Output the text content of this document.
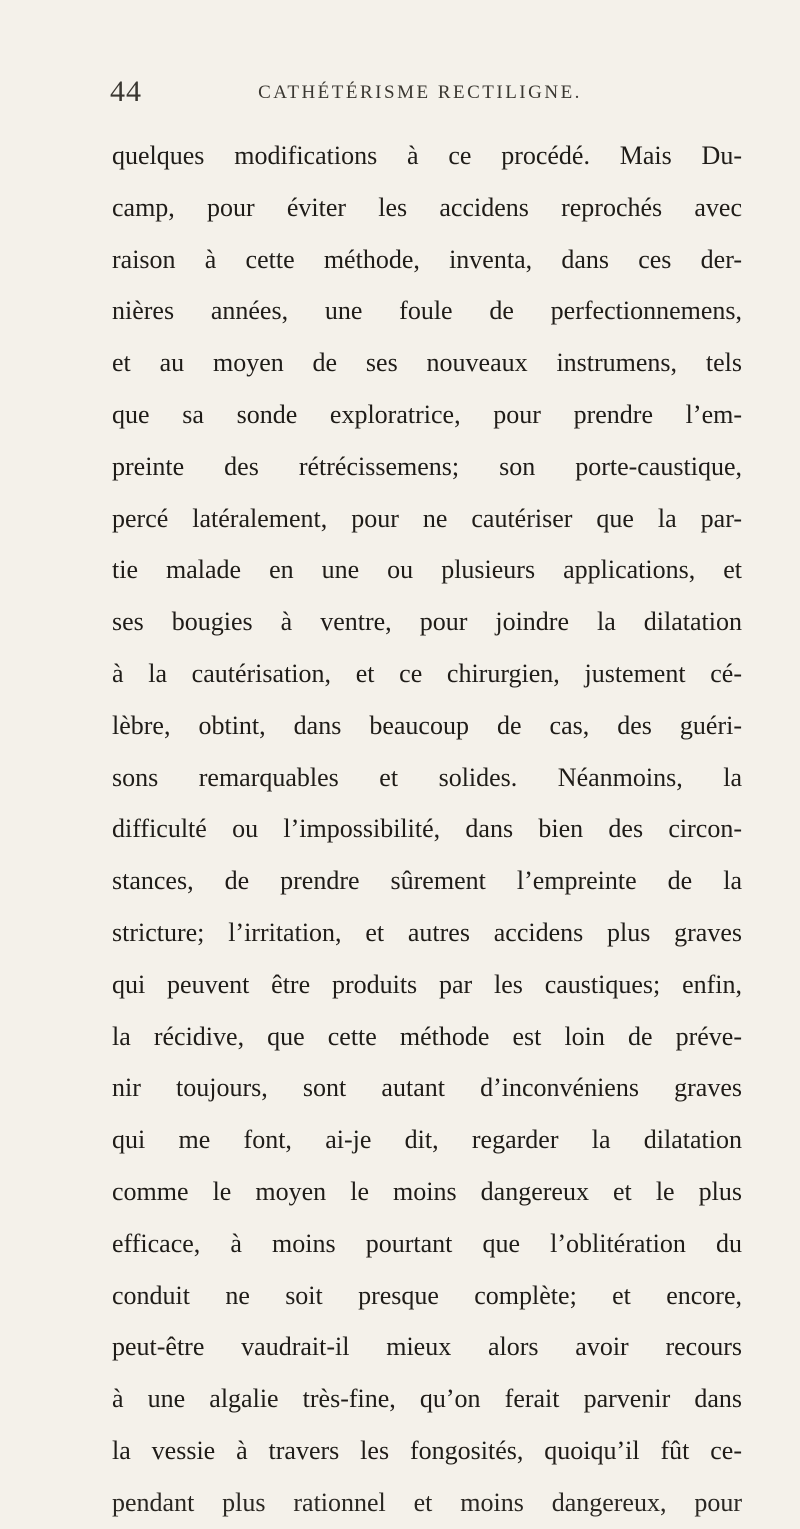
44	CATHÉTÉRISME RECTILIGNE.
quelques modifications à ce procédé. Mais Du-
camp, pour éviter les accidens reprochés avec
raison à cette méthode, inventa, dans ces der-
nières années, une foule de perfectionnemens,
et au moyen de ses nouveaux instrumens, tels
que sa sonde exploratrice, pour prendre l’em-
preinte des rétrécissemens; son porte-caustique,
percé latéralement, pour ne cautériser que la par-
tie malade en une ou plusieurs applications, et
ses bougies à ventre, pour joindre la dilatation
à la cautérisation, et ce chirurgien, justement cé-
lèbre, obtint, dans beaucoup de cas, des guéri-
sons remarquables et solides. Néanmoins, la
difficulté ou l’impossibilité, dans bien des circon-
stances, de prendre sûrement l’empreinte de la
stricture; l’irritation, et autres accidens plus graves
qui peuvent être produits par les caustiques; enfin,
la récidive, que cette méthode est loin de préve-
nir toujours, sont autant d’inconvéniens graves
qui me font, ai-je dit, regarder la dilatation
comme le moyen le moins dangereux et le plus
efficace, à moins pourtant que l’oblitération du
conduit ne soit presque complète; et encore,
peut-être vaudrait-il mieux alors avoir recours
à une algalie très-fine, qu’on ferait parvenir dans
la vessie à travers les fongosités, quoiqu’il fût ce-
pendant plus rationnel et moins dangereux, pour
